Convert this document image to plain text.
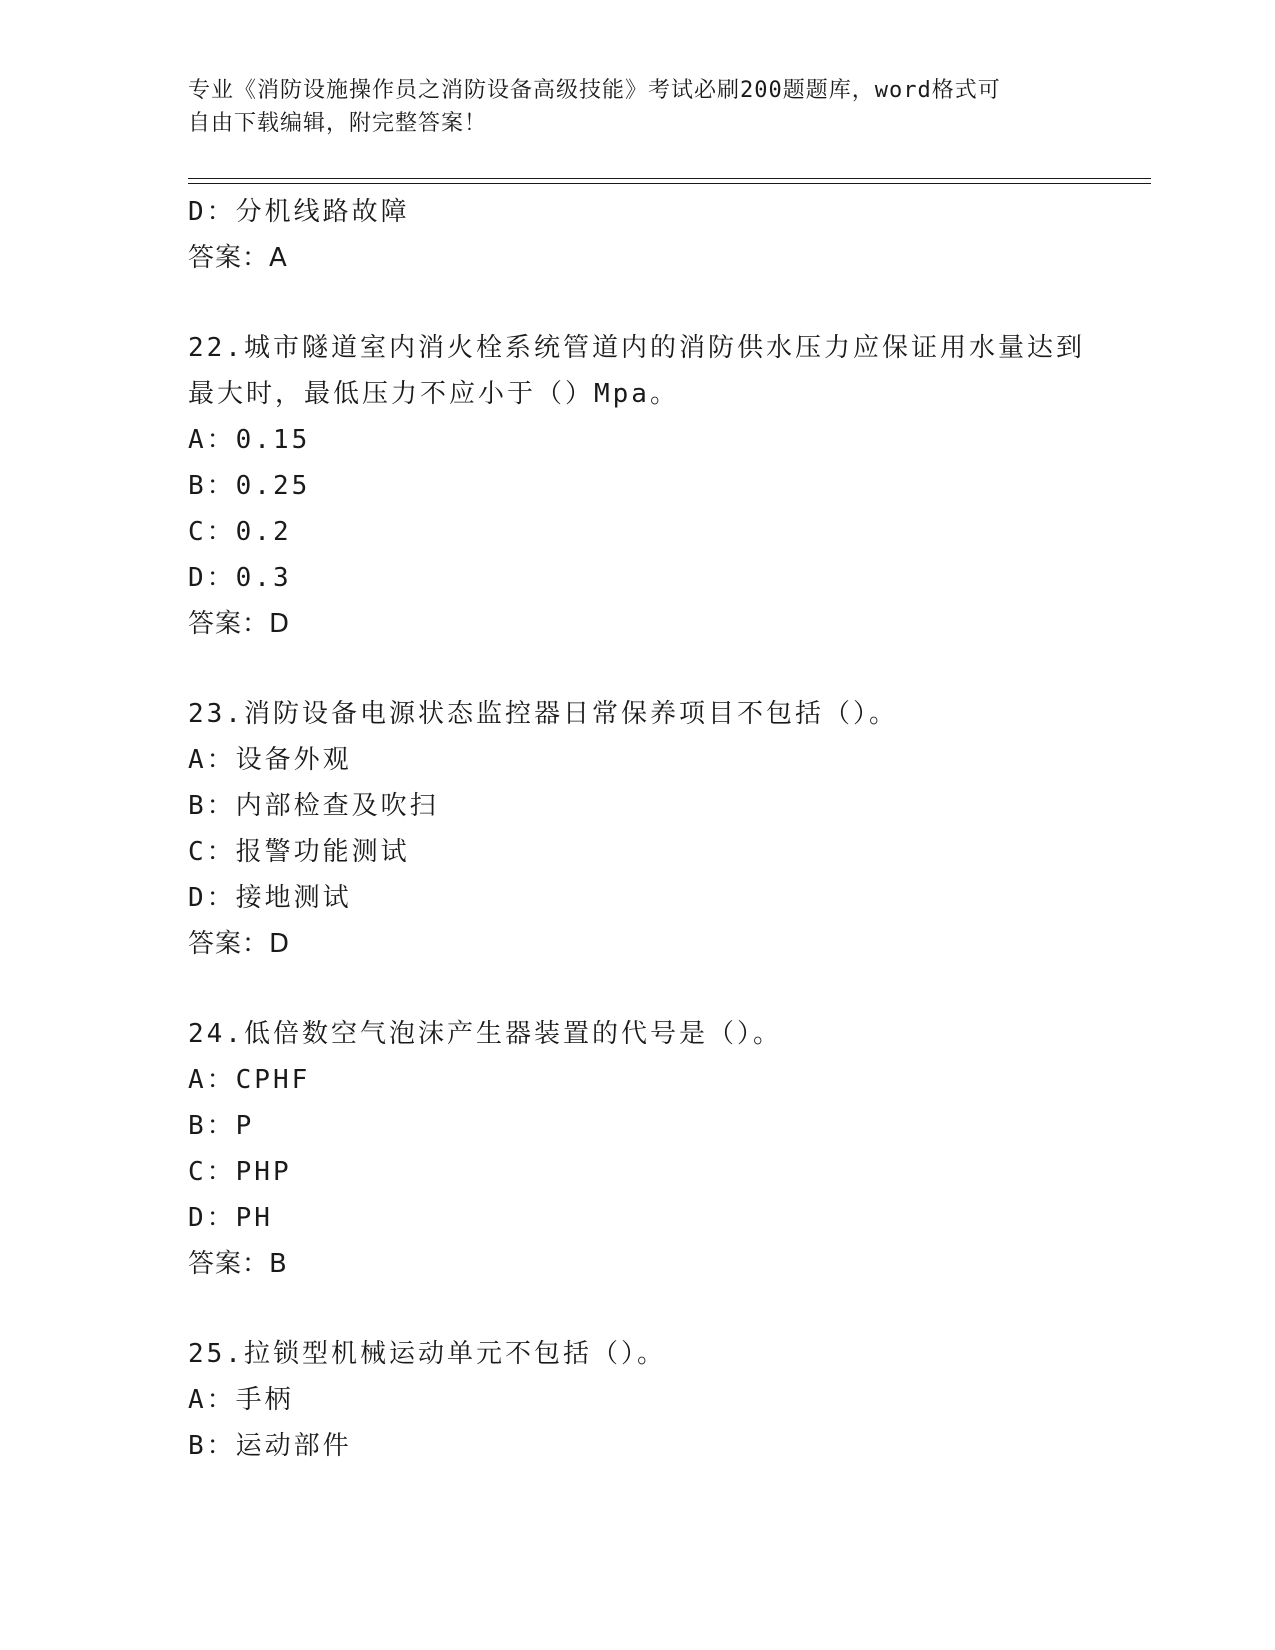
专业《消防设施操作员之消防设备高级技能》考试必刷200题题库，word格式可
自由下载编辑，附完整答案！
D：分机线路故障
答案：A
22.城市隧道室内消火栓系统管道内的消防供水压力应保证用水量达到
最大时，最低压力不应小于（）Mpa。
A：0.15
B：0.25
C：0.2
D：0.3
答案：D
23.消防设备电源状态监控器日常保养项目不包括（）。
A：设备外观
B：内部检查及吹扫
C：报警功能测试
D：接地测试
答案：D
24.低倍数空气泡沫产生器装置的代号是（）。
A：CPHF
B：P
C：PHP
D：PH
答案：B
25.拉锁型机械运动单元不包括（）。
A：手柄
B：运动部件
